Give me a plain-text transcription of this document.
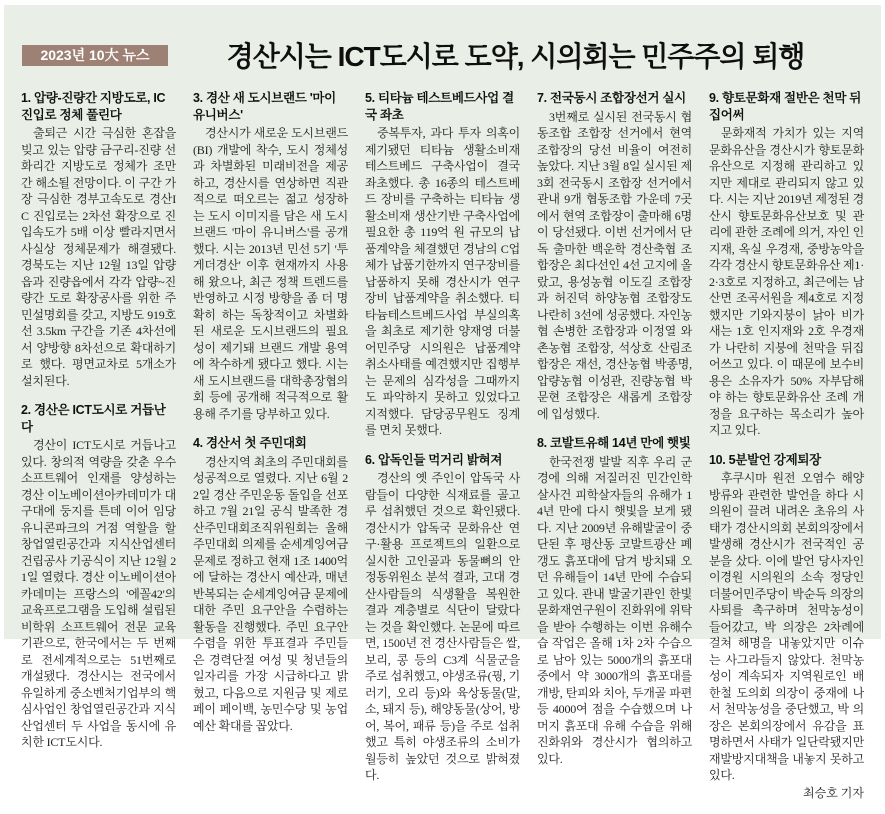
2023년 10大 뉴스	경산시는 ICT도시로 도약, 시의회는 민주주의 퇴행
1. 압량-진량간 지방도로, IC 진입로 정체 풀린다

출퇴근 시간 극심한 혼잡을 빚고 있는 압량 금구리-진량 선화리간 지방도로 정체가 조만간 해소될 전망이다. 이 구간 가장 극심한 경부고속도로 경산IC 진입로는 2차선 확장으로 진입속도가 5배 이상 빨라지면서 사실상 정체문제가 해결됐다. 경북도는 지난 12월 13일 압량읍과 진량읍에서 각각 압량~진량간 도로 확장공사를 위한 주민설명회를 갖고, 지방도 919호선 3.5km 구간을 기존 4차선에서 양방향 8차선으로 확대하기로 했다. 평면교차로 5개소가 설치된다.

2. 경산은 ICT도시로 거듭난다

경산이 ICT도시로 거듭나고 있다. 창의적 역량을 갖춘 우수 소프트웨어 인재를 양성하는 경산 이노베이션아카데미가 대구대에 둥지를 튼데 이어 임당 유니콘파크의 거점 역할을 할 창업열린공간과 지식산업센터 건립공사 기공식이 지난 12월 21일 열렸다. 경산 이노베이션아카데미는 프랑스의 '에꼴42'의 교육프로그램을 도입해 설립된 비학위 소프트웨어 전문 교육기관으로, 한국에서는 두 번째로 전세계적으로는 51번째로 개설됐다. 경산시는 전국에서 유일하게 중소벤처기업부의 핵심사업인 창업열린공간과 지식산업센터 두 사업을 동시에 유치한 ICT도시다.

3. 경산 새 도시브랜드 '마이 유니버스'

경산시가 새로운 도시브랜드(BI) 개발에 착수, 도시 정체성과 차별화된 미래비전을 제공하고, 경산시를 연상하면 직관적으로 떠오르는 젊고 성장하는 도시 이미지를 담은 새 도시브랜드 '마이 유니버스'를 공개했다. 시는 2013년 민선 5기 '투게더경산' 이후 현재까지 사용해 왔으나, 최근 정책 트렌드를 반영하고 시정 방향을 좀 더 명확히 하는 독창적이고 차별화된 새로운 도시브랜드의 필요성이 제기돼 브랜드 개발 용역에 착수하게 됐다고 했다. 시는 새 도시브랜드를 대학총장협의회 등에 공개해 적극적으로 활용해 주기를 당부하고 있다.

4. 경산서 첫 주민대회

경산지역 최초의 주민대회를 성공적으로 열렸다. 지난 6월 22일 경산 주민운동 돌입을 선포하고 7월 21일 공식 발족한 경산주민대회조직위원회는 올해 주민대회 의제를 순세계잉여금 문제로 정하고 현재 1조 1400억에 달하는 경산시 예산과, 매년 반복되는 순세계잉여금 문제에 대한 주민 요구안을 수렴하는 활동을 진행했다. 주민 요구안 수렴을 위한 투표결과 주민들은 경력단절 여성 및 청년들의 일자리를 가장 시급하다고 밝혔고, 다음으로 지원금 및 제로페이 페이백, 농민수당 및 농업예산 확대를 꼽았다.

5. 티타늄 테스트베드사업 결국 좌초

중복투자, 과다 투자 의혹이 제기됐던 티타늄 생활소비재 테스트베드 구축사업이 결국 좌초했다. 총 16종의 테스트베드 장비를 구축하는 티타늄 생활소비재 생산기반 구축사업에 필요한 총 119억 원 규모의 납품계약을 체결했던 경남의 C업체가 납품기한까지 연구장비를 납품하지 못해 경산시가 연구장비 납품계약을 취소했다. 티타늄테스트베드사업 부실의혹을 최초로 제기한 양재영 더불어민주당 시의원은 납품계약 취소사태를 예견했지만 집행부는 문제의 심각성을 그때까지도 파악하지 못하고 있었다고 지적했다. 담당공무원도 징계를 면치 못했다.

6. 압독인들 먹거리 밝혀져

경산의 옛 주인이 압독국 사람들이 다양한 식재료를 골고루 섭취했던 것으로 확인됐다. 경산시가 압독국 문화유산 연구·활용 프로젝트의 일환으로 실시한 고인골과 동물뼈의 안정동위원소 분석 결과, 고대 경산사람들의 식생활을 복원한 결과 계층별로 식단이 달랐다는 것을 확인했다. 논문에 따르면, 1500년 전 경산사람들은 쌀, 보리, 콩 등의 C3계 식물군을 주로 섭취했고, 야생조류(꿩, 기러기, 오리 등)와 육상동물(말, 소, 돼지 등), 해양동물(상어, 방어, 복어, 패류 등)을 주로 섭취했고 특히 야생조류의 소비가 월등히 높았던 것으로 밝혀졌다.

7. 전국동시 조합장선거 실시

3번째로 실시된 전국동시 협동조합 조합장 선거에서 현역 조합장의 당선 비율이 여전히 높았다. 지난 3월 8일 실시된 제3회 전국동시 조합장 선거에서 관내 9개 협동조합 가운데 7곳에서 현역 조합장이 출마해 6명이 당선됐다. 이번 선거에서 단독 출마한 백운학 경산축협 조합장은 최다선인 4선 고지에 올랐고, 용성농협 이도길 조합장과 허진덕 하양농협 조합장도 나란히 3선에 성공했다. 자인농협 손병한 조합장과 이정열 와촌농협 조합장, 석상호 산림조합장은 재선, 경산농협 박종명, 압량농협 이성관, 진량농협 박문현 조합장은 새롭게 조합장에 입성했다.

8. 코발트유해 14년 만에 햇빛

한국전쟁 발발 직후 우리 군경에 의해 저질러진 민간인학살사건 피학살자들의 유해가 14년 만에 다시 햇빛을 보게 됐다. 지난 2009년 유해발굴이 중단된 후 평산동 코발트광산 폐갱도 흙포대에 담겨 방치돼 오던 유해들이 14년 만에 수습되고 있다. 관내 발굴기관인 한빛문화재연구원이 진화위에 위탁을 받아 수행하는 이번 유해수습 작업은 올해 1차 2차 수습으로 남아 있는 5000개의 흙포대 중에서 약 3000개의 흙포대를 개방, 탄피와 치아, 두개골 파편 등 4000여 점을 수습했으며 나머지 흙포대 유해 수습을 위해 진화위와 경산시가 협의하고 있다.

9. 향토문화재 절반은 천막 뒤집어써

문화재적 가치가 있는 지역 문화유산을 경산시가 향토문화유산으로 지정해 관리하고 있지만 제대로 관리되지 않고 있다. 시는 지난 2019년 제정된 경산시 향토문화유산보호 및 관리에 관한 조례에 의거, 자인 인지재, 옥실 우경재, 중방농악을 각각 경산시 향토문화유산 제1·2·3호로 지정하고, 최근에는 남산면 조곡서원을 제4호로 지정했지만 기와지붕이 낡아 비가 새는 1호 인지재와 2호 우경재가 나란히 지붕에 천막을 뒤집어쓰고 있다. 이 때문에 보수비용은 소유자가 50% 자부담해야 하는 향토문화유산 조례 개정을 요구하는 목소리가 높아지고 있다.

10. 5분발언 강제퇴장

후쿠시마 원전 오염수 해양방류와 관련한 발언을 하다 시의원이 끌려 내려온 초유의 사태가 경산시의회 본회의장에서 발생해 경산시가 전국적인 공분을 샀다. 이에 발언 당사자인 이경원 시의원의 소속 정당인 더불어민주당이 박순득 의장의 사퇴를 촉구하며 천막농성이 들어갔고, 박 의장은 2차례에 걸쳐 해명을 내놓았지만 이슈는 사그라들지 않았다. 천막농성이 계속되자 지역원로인 배한철 도의회 의장이 중재에 나서 천막농성을 중단했고, 박 의장은 본회의장에서 유감을 표명하면서 사태가 일단락됐지만 재발방지대책을 내놓지 못하고 있다.

최승호 기자
